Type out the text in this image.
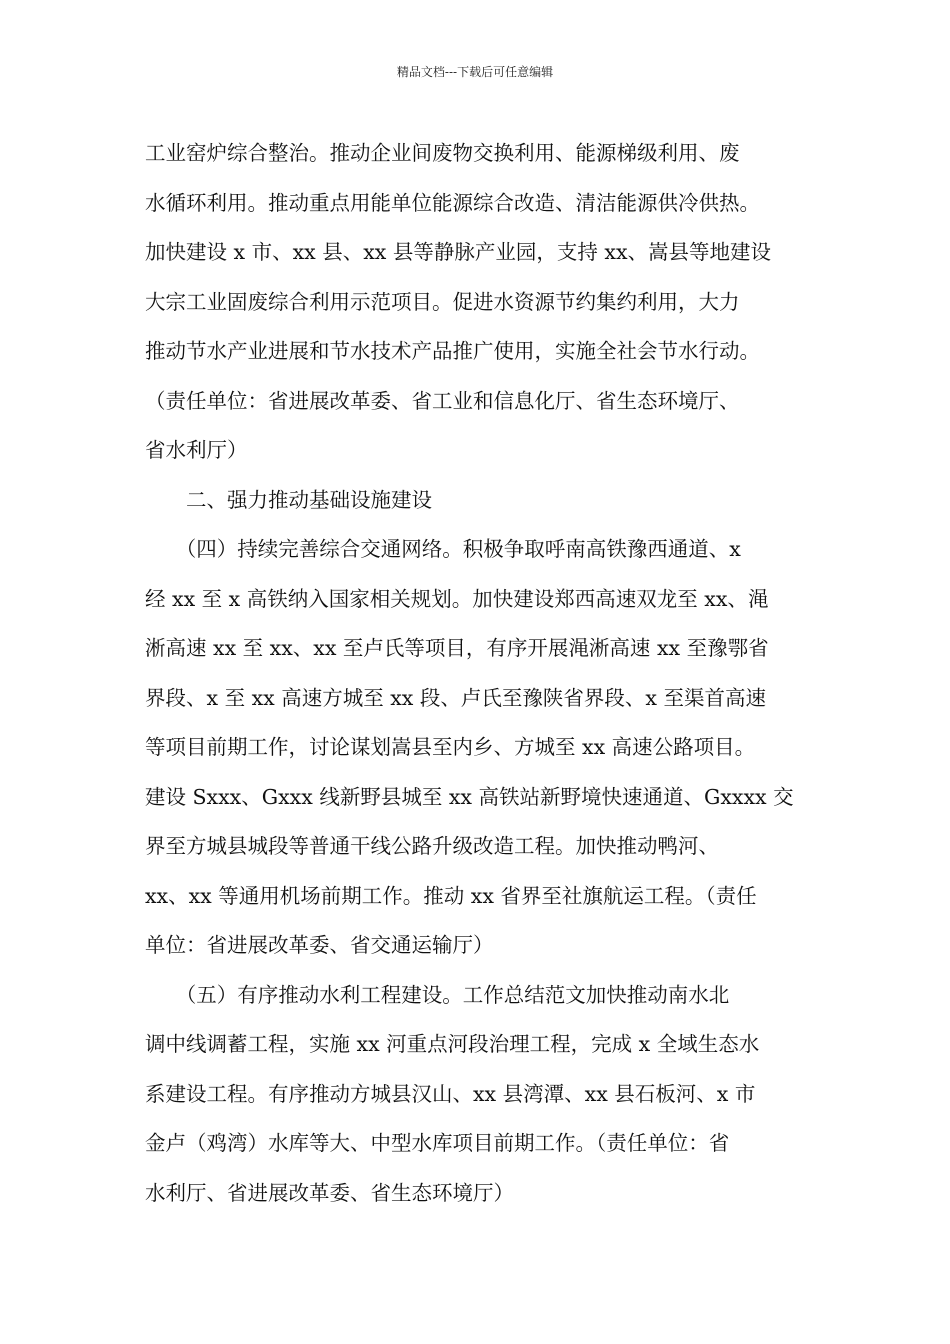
精品文档---下载后可任意编辑
工业窑炉综合整治。推动企业间废物交换利用、能源梯级利用、废
水循环利用。推动重点用能单位能源综合改造、清洁能源供冷供热。
加快建设 x 市、xx 县、xx 县等静脉产业园，支持 xx、嵩县等地建设
大宗工业固废综合利用示范项目。促进水资源节约集约利用，大力
推动节水产业进展和节水技术产品推广使用，实施全社会节水行动。
（责任单位：省进展改革委、省工业和信息化厅、省生态环境厅、
省水利厅）
　　二、强力推动基础设施建设
　　（四）持续完善综合交通网络。积极争取呼南高铁豫西通道、x
经 xx 至 x 高铁纳入国家相关规划。加快建设郑西高速双龙至 xx、渑
淅高速 xx 至 xx、xx 至卢氏等项目，有序开展渑淅高速 xx 至豫鄂省
界段、x 至 xx 高速方城至 xx 段、卢氏至豫陕省界段、x 至渠首高速
等项目前期工作，讨论谋划嵩县至内乡、方城至 xx 高速公路项目。
建设 Sxxx、Gxxx 线新野县城至 xx 高铁站新野境快速通道、Gxxxx 交
界至方城县城段等普通干线公路升级改造工程。加快推动鸭河、
xx、xx 等通用机场前期工作。推动 xx 省界至社旗航运工程。（责任
单位：省进展改革委、省交通运输厅）
　　（五）有序推动水利工程建设。工作总结范文加快推动南水北
调中线调蓄工程，实施 xx 河重点河段治理工程，完成 x 全域生态水
系建设工程。有序推动方城县汉山、xx 县湾潭、xx 县石板河、x 市
金卢（鸡湾）水库等大、中型水库项目前期工作。（责任单位：省
水利厅、省进展改革委、省生态环境厅）
